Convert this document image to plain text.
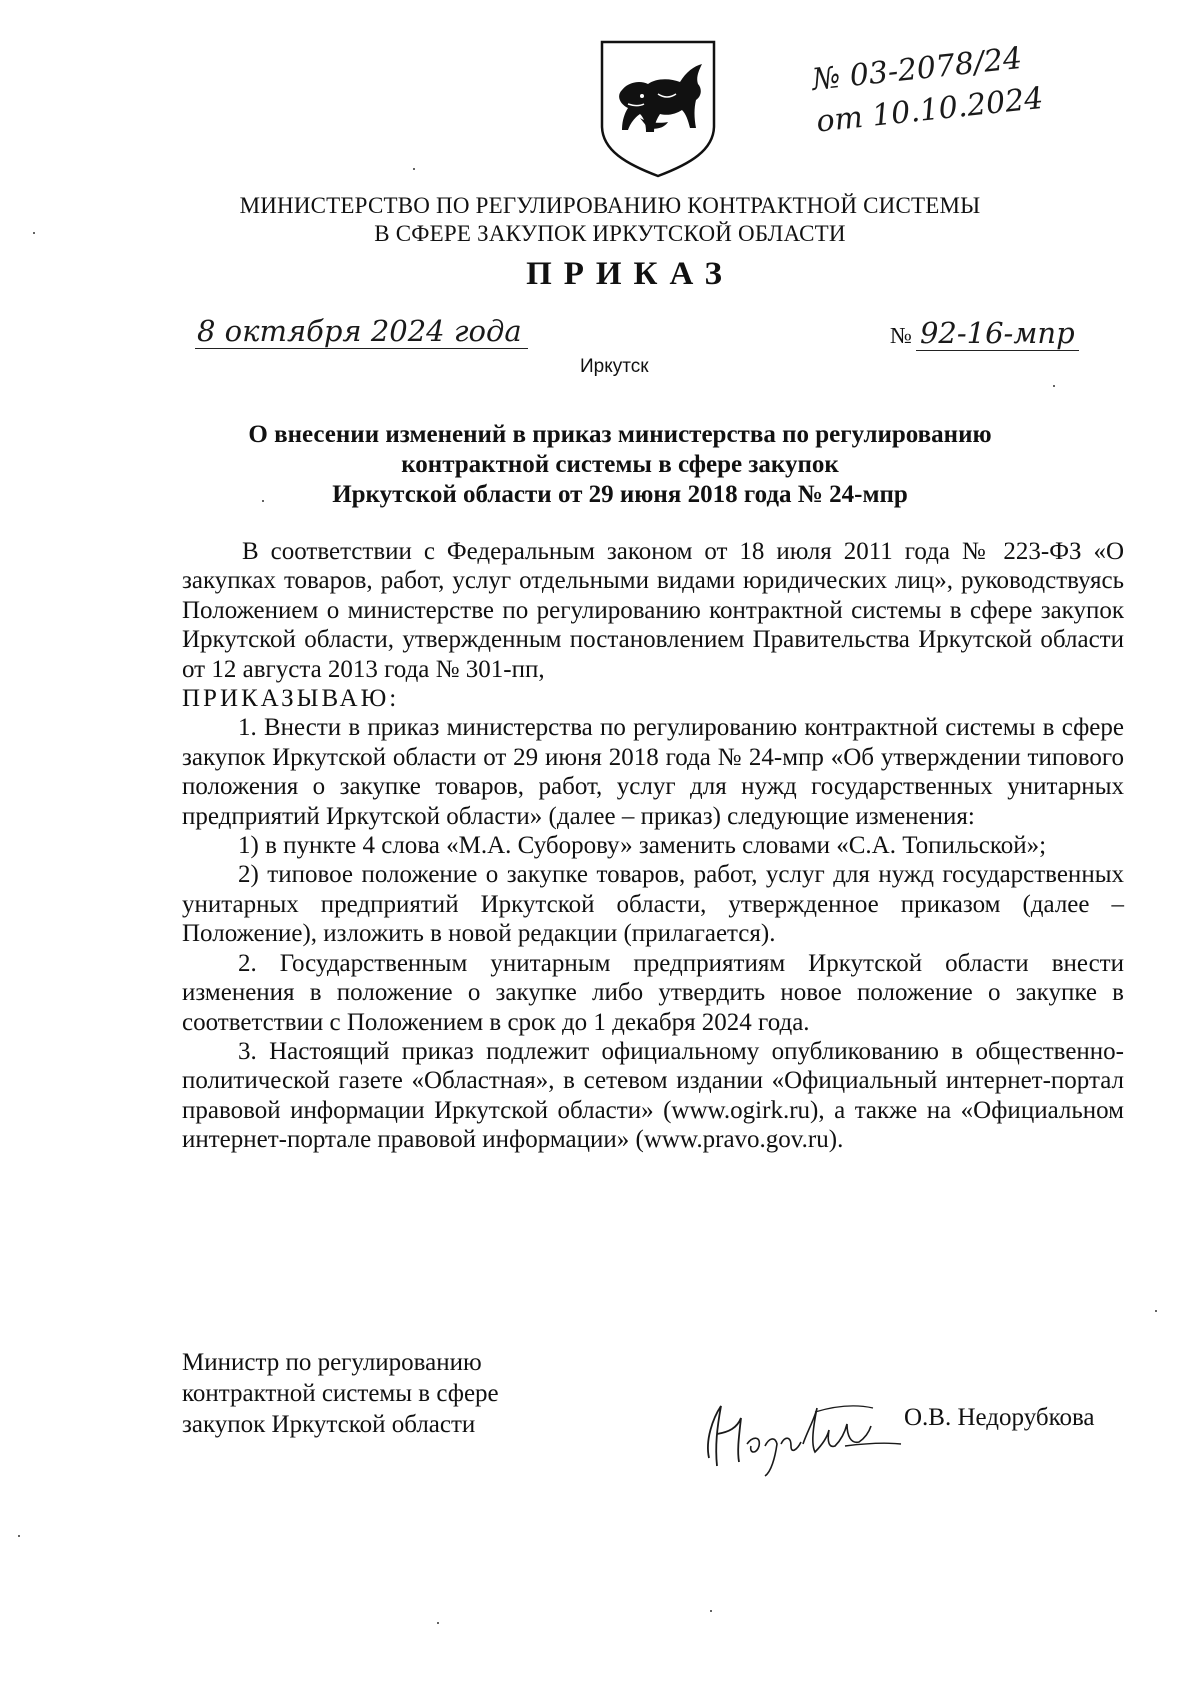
№ 03-2078/24
от 10.10.2024
МИНИСТЕРСТВО ПО РЕГУЛИРОВАНИЮ КОНТРАКТНОЙ СИСТЕМЫ
В СФЕРЕ ЗАКУПОК ИРКУТСКОЙ ОБЛАСТИ
ПРИКАЗ
8 октября 2024 года	№ 92-16-мпр
Иркутск
О внесении изменений в приказ министерства по регулированию
контрактной системы в сфере закупок
Иркутской области от 29 июня 2018 года № 24-мпр

В соответствии с Федеральным законом от 18 июля 2011 года № 223-ФЗ «О закупках товаров, работ, услуг отдельными видами юридических лиц», руководствуясь Положением о министерстве по регулированию контрактной системы в сфере закупок Иркутской области, утвержденным постановлением Правительства Иркутской области от 12 августа 2013 года № 301-пп,

ПРИКАЗЫВАЮ:

1. Внести в приказ министерства по регулированию контрактной системы в сфере закупок Иркутской области от 29 июня 2018 года № 24-мпр «Об утверждении типового положения о закупке товаров, работ, услуг для нужд государственных унитарных предприятий Иркутской области» (далее – приказ) следующие изменения:

1) в пункте 4 слова «М.А. Суборову» заменить словами «С.А. Топильской»;

2) типовое положение о закупке товаров, работ, услуг для нужд государственных унитарных предприятий Иркутской области, утвержденное приказом (далее – Положение), изложить в новой редакции (прилагается).

2. Государственным унитарным предприятиям Иркутской области внести изменения в положение о закупке либо утвердить новое положение о закупке в соответствии с Положением в срок до 1 декабря 2024 года.

3. Настоящий приказ подлежит официальному опубликованию в общественно-политической газете «Областная», в сетевом издании «Официальный интернет-портал правовой информации Иркутской области» (www.ogirk.ru), а также на «Официальном интернет-портале правовой информации» (www.pravo.gov.ru).

Министр по регулированию
контрактной системы в сфере
закупок Иркутской области	О.В. Недорубкова
